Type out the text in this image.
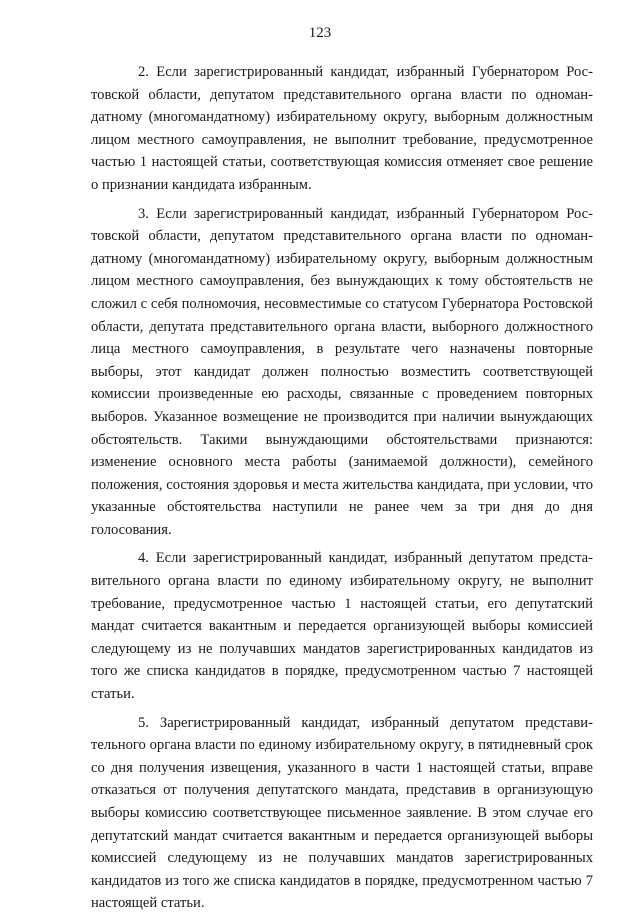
123

2. Если зарегистрированный кандидат, избранный Губернатором Ростовской области, депутатом представительного органа власти по одномандатному (многомандатному) избирательному округу, выборным должностным лицом местного самоуправления, не выполнит требование, предусмотренное частью 1 настоящей статьи, соответствующая комиссия отменяет свое решение о признании кандидата избранным.

3. Если зарегистрированный кандидат, избранный Губернатором Ростовской области, депутатом представительного органа власти по одномандатному (многомандатному) избирательному округу, выборным должностным лицом местного самоуправления, без вынуждающих к тому обстоятельств не сложил с себя полномочия, несовместимые со статусом Губернатора Ростовской области, депутата представительного органа власти, выборного должностного лица местного самоуправления, в результате чего назначены повторные выборы, этот кандидат должен полностью возместить соответствующей комиссии произведенные ею расходы, связанные с проведением повторных выборов. Указанное возмещение не производится при наличии вынуждающих обстоятельств. Такими вынуждающими обстоятельствами признаются: изменение основного места работы (занимаемой должности), семейного положения, состояния здоровья и места жительства кандидата, при условии, что указанные обстоятельства наступили не ранее чем за три дня до дня голосования.

4. Если зарегистрированный кандидат, избранный депутатом представительного органа власти по единому избирательному округу, не выполнит требование, предусмотренное частью 1 настоящей статьи, его депутатский мандат считается вакантным и передается организующей выборы комиссией следующему из не получавших мандатов зарегистрированных кандидатов из того же списка кандидатов в порядке, предусмотренном частью 7 настоящей статьи.

5. Зарегистрированный кандидат, избранный депутатом представительного органа власти по единому избирательному округу, в пятидневный срок со дня получения извещения, указанного в части 1 настоящей статьи, вправе отказаться от получения депутатского мандата, представив в организующую выборы комиссию соответствующее письменное заявление. В этом случае его депутатский мандат считается вакантным и передается организующей выборы комиссией следующему из не получавших мандатов зарегистрированных кандидатов из того же списка кандидатов в порядке, предусмотренном частью 7 настоящей статьи.
